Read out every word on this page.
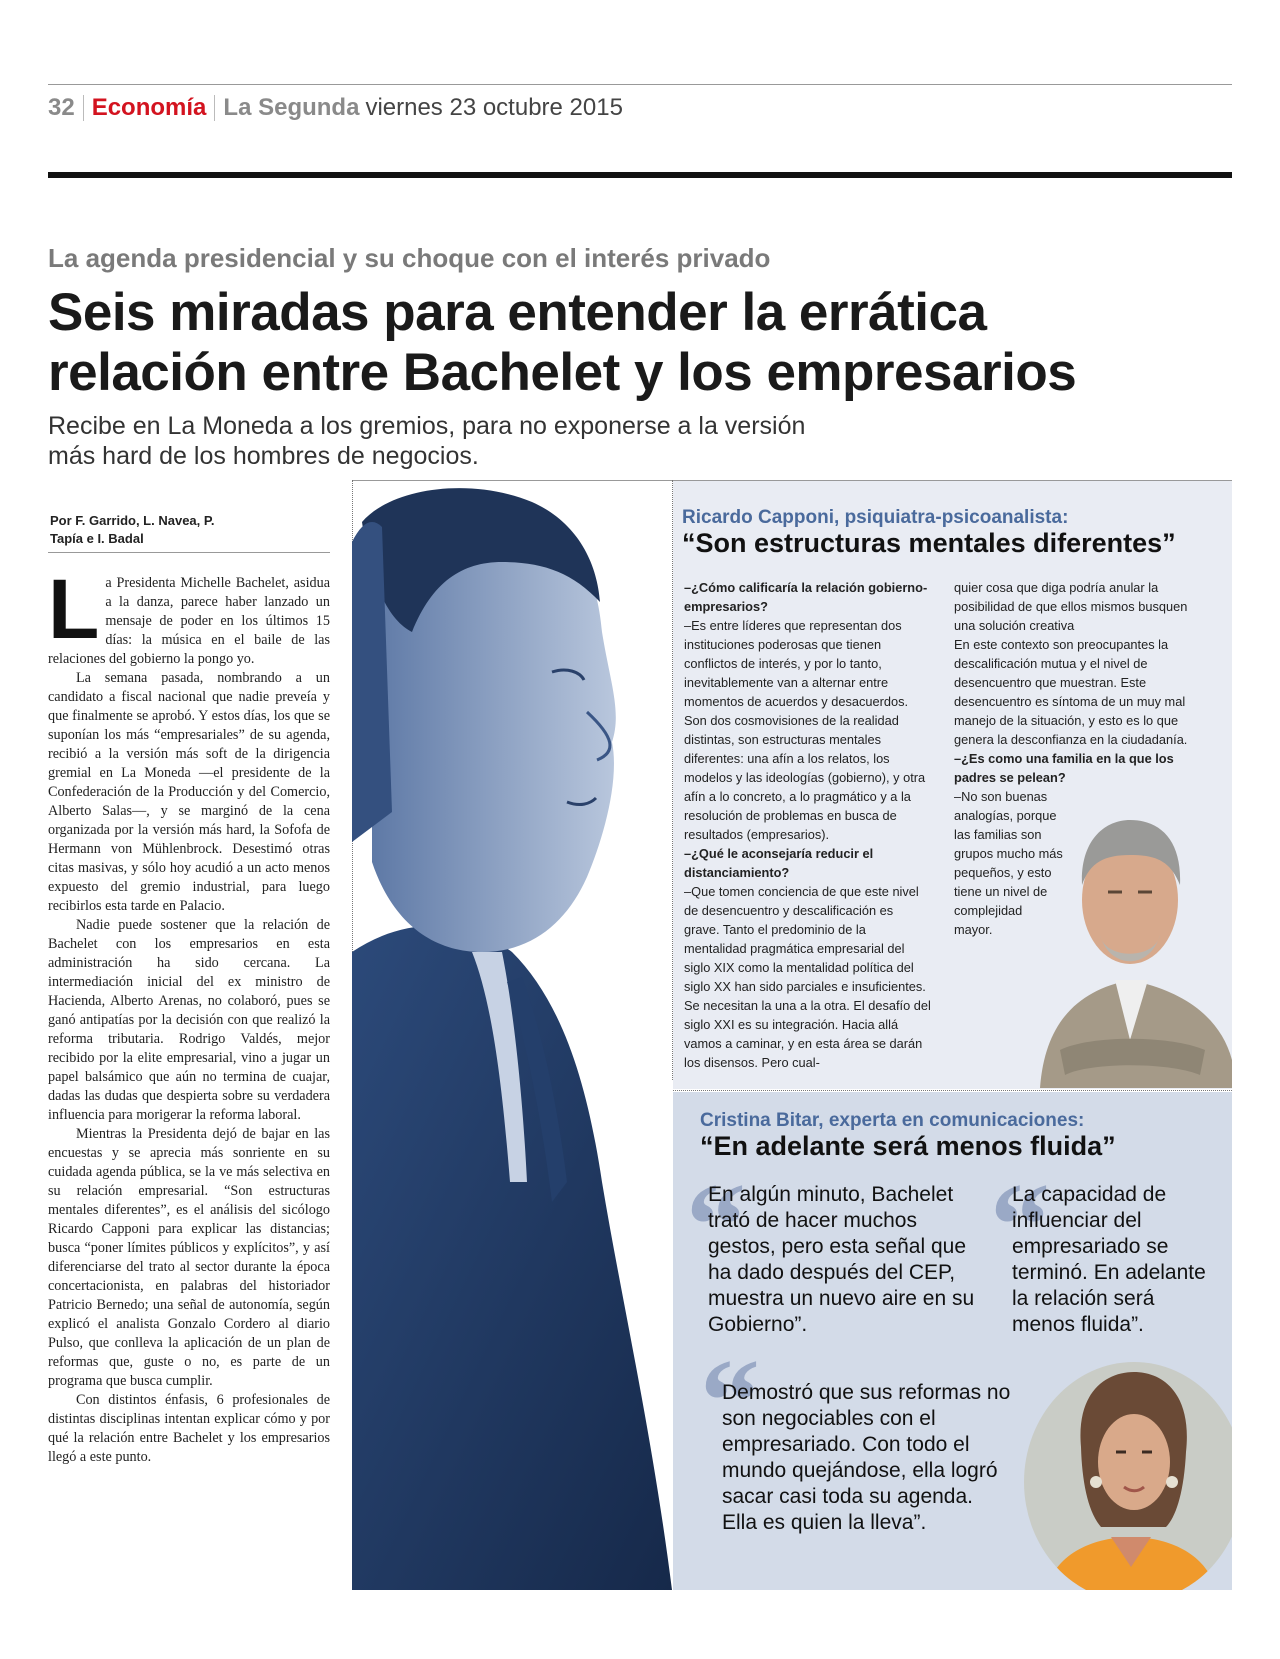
32 Economía La Segunda viernes 23 octubre 2015
La agenda presidencial y su choque con el interés privado
Seis miradas para entender la errática
relación entre Bachelet y los empresarios

Recibe en La Moneda a los gremios, para no exponerse a la versión
más hard de los hombres de negocios.

Por F. Garrido, L. Navea, P.
Tapía e I. Badal

La Presidenta Michelle Bachelet, asidua a la danza, parece haber lanzado un mensaje de poder en los últimos 15 días: la música en el baile de las relaciones del gobierno la pongo yo.

La semana pasada, nombrando a un candidato a fiscal nacional que nadie preveía y que finalmente se aprobó. Y estos días, los que se suponían los más “empresariales” de su agenda, recibió a la versión más soft de la dirigencia gremial en La Moneda —el presidente de la Confederación de la Producción y del Comercio, Alberto Salas—, y se marginó de la cena organizada por la versión más hard, la Sofofa de Hermann von Mühlenbrock. Desestimó otras citas masivas, y sólo hoy acudió a un acto menos expuesto del gremio industrial, para luego recibirlos esta tarde en Palacio.

Nadie puede sostener que la relación de Bachelet con los empresarios en esta administración ha sido cercana. La intermediación inicial del ex ministro de Hacienda, Alberto Arenas, no colaboró, pues se ganó antipatías por la decisión con que realizó la reforma tributaria. Rodrigo Valdés, mejor recibido por la elite empresarial, vino a jugar un papel balsámico que aún no termina de cuajar, dadas las dudas que despierta sobre su verdadera influencia para morigerar la reforma laboral.

Mientras la Presidenta dejó de bajar en las encuestas y se aprecia más sonriente en su cuidada agenda pública, se la ve más selectiva en su relación empresarial. “Son estructuras mentales diferentes”, es el análisis del sicólogo Ricardo Capponi para explicar las distancias; busca “poner límites públicos y explícitos”, y así diferenciarse del trato al sector durante la época concertacionista, en palabras del historiador Patricio Bernedo; una señal de autonomía, según explicó el analista Gonzalo Cordero al diario Pulso, que conlleva la aplicación de un plan de reformas que, guste o no, es parte de un programa que busca cumplir.

Con distintos énfasis, 6 profesionales de distintas disciplinas intentan explicar cómo y por qué la relación entre Bachelet y los empresarios llegó a este punto.

Ricardo Capponi, psiquiatra-psicoanalista:
“Son estructuras mentales diferentes”

–¿Cómo calificaría la relación gobierno-empresarios?

–Es entre líderes que representan dos instituciones poderosas que tienen conflictos de interés, y por lo tanto, inevitablemente van a alternar entre momentos de acuerdos y desacuerdos. Son dos cosmovisiones de la realidad distintas, son estructuras mentales diferentes: una afín a los relatos, los modelos y las ideologías (gobierno), y otra afín a lo concreto, a lo pragmático y a la resolución de problemas en busca de resultados (empresarios).

–¿Qué le aconsejaría reducir el distanciamiento?

–Que tomen conciencia de que este nivel de desencuentro y descalificación es grave. Tanto el predominio de la mentalidad pragmática empresarial del siglo XIX como la mentalidad política del siglo XX han sido parciales e insuficientes. Se necesitan la una a la otra. El desafío del siglo XXI es su integración. Hacia allá vamos a caminar, y en esta área se darán los disensos. Pero cual-

quier cosa que diga podría anular la posibilidad de que ellos mismos busquen una solución creativa

En este contexto son preocupantes la descalificación mutua y el nivel de desencuentro que muestran. Este desencuentro es síntoma de un muy mal manejo de la situación, y esto es lo que genera la desconfianza en la ciudadanía.

–¿Es como una familia en la que los padres se pelean?

–No son buenas analogías, porque las familias son grupos mucho más pequeños, y esto tiene un nivel de complejidad mayor.

Cristina Bitar, experta en comunicaciones:
“En adelante será menos fluida”
“ “
“

En algún minuto, Bachelet trató de hacer muchos gestos, pero esta señal que ha dado después del CEP, muestra un nuevo aire en su Gobierno”.

La capacidad de influenciar del empresariado se terminó. En adelante la relación será menos fluida”.

Demostró que sus reformas no son negociables con el empresariado. Con todo el mundo quejándose, ella logró sacar casi toda su agenda. Ella es quien la lleva”.
